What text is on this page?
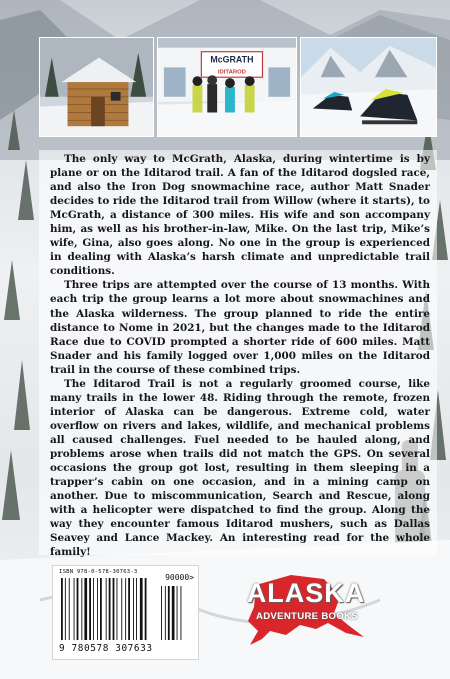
McGRATH
IDITAROD

The only way to McGrath, Alaska, during wintertime is by plane or on the Iditarod trail. A fan of the Iditarod dogsled race, and also the Iron Dog snowmachine race, author Matt Snader decides to ride the Iditarod trail from Willow (where it starts), to McGrath, a distance of 300 miles. His wife and son accompany him, as well as his brother-in-law, Mike. On the last trip, Mike’s wife, Gina, also goes along. No one in the group is experienced in dealing with Alaska’s harsh climate and unpredictable trail conditions.

Three trips are attempted over the course of 13 months. With each trip the group learns a lot more about snowmachines and the Alaska wilderness. The group planned to ride the entire distance to Nome in 2021, but the changes made to the Iditarod Race due to COVID prompted a shorter ride of 600 miles. Matt Snader and his family logged over 1,000 miles on the Iditarod trail in the course of these combined trips.

The Iditarod Trail is not a regularly groomed course, like many trails in the lower 48. Riding through the remote, frozen interior of Alaska can be dangerous. Extreme cold, water overflow on rivers and lakes, wildlife, and mechanical problems all caused challenges. Fuel needed to be hauled along, and problems arose when trails did not match the GPS. On several occasions the group got lost, resulting in them sleeping in a trapper’s cabin on one occasion, and in a mining camp on another. Due to miscommunication, Search and Rescue, along with a helicopter were dispatched to find the group. Along the way they encounter famous Iditarod mushers, such as Dallas Seavey and Lance Mackey. An interesting read for the whole family!

ISBN 978-0-578-30763-3
90000>
9 780578 307633
ALASKA
ADVENTURE BOOKS
